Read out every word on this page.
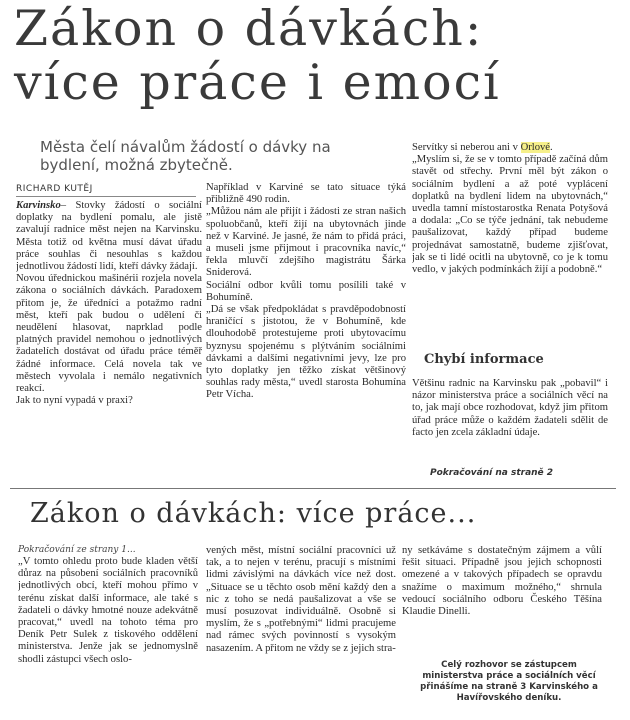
Zákon o dávkách:
více práce i emocí
Města čelí návalům žádostí o dávky na bydlení, možná zbytečně.
RICHARD KUTĚJ
Karvinsko– Stovky žádostí o sociální doplatky na bydlení pomalu, ale jistě zavalují radnice měst nejen na Karvinsku. Města totiž od května musí dávat úřadu práce souhlas či nesouhlas s každou jednotlivou žádostí lidí, kteří dávky žádají.
Novou úřednickou mašinérii rozjela novela zákona o sociálních dávkách. Paradoxem přitom je, že úředníci a potažmo radní měst, kteří pak budou o udělení či neudělení hlasovat, naprklad podle platných pravidel nemohou o jednotlivých žadatelích dostávat od úřadu práce téměř žádné informace. Celá novela tak ve městech vyvolala i nemálo negativních reakcí.
Jak to nyní vypadá v praxi?
Například v Karviné se tato situace týká přibližně 490 rodin.
„Můžou nám ale přijít i žádosti ze stran našich spoluobčanů, kteří žijí na ubytovnách jinde než v Karviné. Je jasné, že nám to přidá práci, a museli jsme přijmout i pracovníka navíc,“ řekla mluvčí zdejšího magistrátu Šárka Sniderová.
Sociální odbor kvůli tomu posílili také v Bohumíně.
„Dá se však předpokládat s pravděpodobností hraničící s jistotou, že v Bohumíně, kde dlouhodobě protestujeme proti ubytovacímu byznysu spojenému s plýtváním sociálními dávkami a dalšími negativními jevy, lze pro tyto doplatky jen těžko získat většinový souhlas rady města,“ uvedl starosta Bohumína Petr Vícha.
Servítky si neberou ani v Orlové.
„Myslím si, že se v tomto případě začíná dům stavět od střechy. První měl být zákon o sociálním bydlení a až poté vyplácení doplatků na bydlení lidem na ubytovnách,“ uvedla tamní místostarostka Renata Potyšová a dodala: „Co se týče jednání, tak nebudeme paušalizovat, každý případ budeme projednávat samostatně, budeme zjišťovat, jak se ti lidé ocitli na ubytovně, co je k tomu vedlo, v jakých podmínkách žijí a podobně.“
Chybí informace
Většinu radnic na Karvinsku pak „pobavil“ i názor ministerstva práce a sociálních věcí na to, jak mají obce rozhodovat, když jim přitom úřad práce může o každém žadateli sdělit de facto jen zcela základní údaje.
Pokračování na straně 2
Zákon o dávkách: více práce...
Pokračování ze strany 1...
„V tomto ohledu proto bude kladen větší důraz na působení sociálních pracovníků jednotlivých obcí, kteří mohou přímo v terénu získat další informace, ale také s žadateli o dávky hmotné nouze adekvátně pracovat,“ uvedl na tohoto téma pro Deník Petr Sulek z tiskového oddělení ministerstva. Jenže jak se jednomyslně shodli zástupci všech oslo-
vených měst, místní sociální pracovníci už tak, a to nejen v terénu, pracují s místními lidmi závislými na dávkách více než dost. „Situace se u těchto osob mění každý den a nic z toho se nedá paušalizovat a vše se musí posuzovat individuálně. Osobně si myslím, že s „potřebnými“ lidmi pracujeme nad rámec svých povinností s vysokým nasazením. A přitom ne vždy se z jejich stra-
ny setkáváme s dostatečným zájmem a vůlí řešit situaci. Případně jsou jejich schopnosti omezené a v takových případech se opravdu snažíme o maximum možného,“ shrnula vedoucí sociálního odboru Českého Těšína Klaudie Dinelli.
Celý rozhovor se zástupcem ministerstva práce a sociálních věcí přinášíme na straně 3 Karvinského a Havířovského deníku.
